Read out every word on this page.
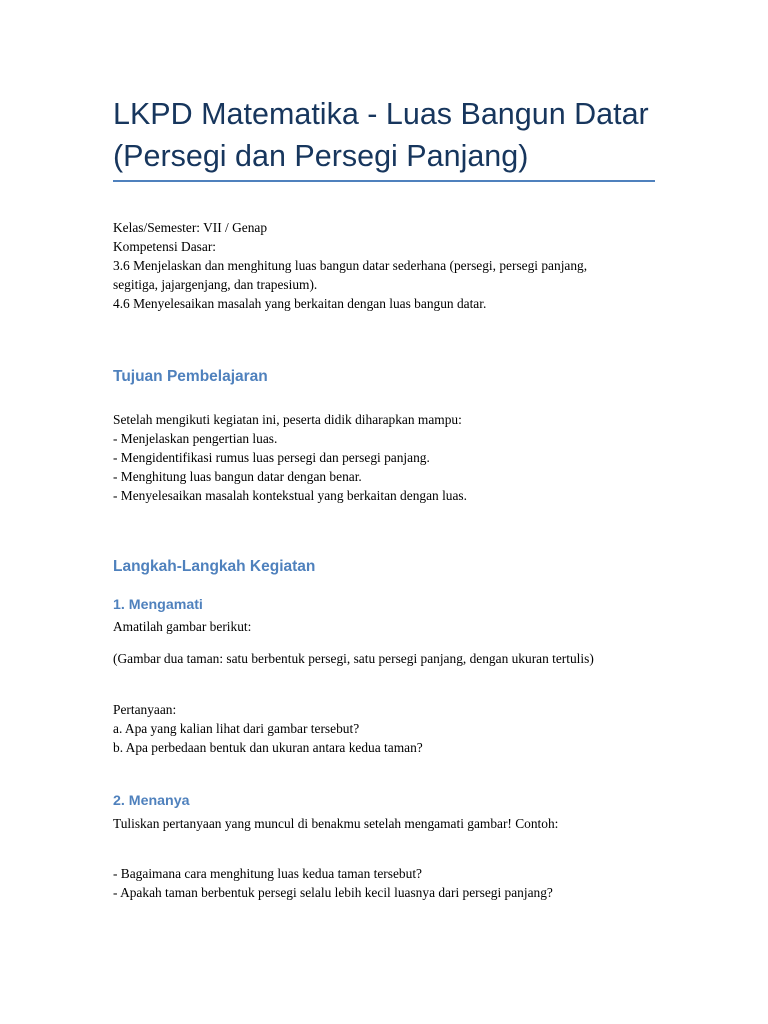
LKPD Matematika - Luas Bangun Datar
(Persegi dan Persegi Panjang)
Kelas/Semester: VII / Genap
Kompetensi Dasar:
3.6 Menjelaskan dan menghitung luas bangun datar sederhana (persegi, persegi panjang,
segitiga, jajargenjang, dan trapesium).
4.6 Menyelesaikan masalah yang berkaitan dengan luas bangun datar.
Tujuan Pembelajaran
Setelah mengikuti kegiatan ini, peserta didik diharapkan mampu:
- Menjelaskan pengertian luas.
- Mengidentifikasi rumus luas persegi dan persegi panjang.
- Menghitung luas bangun datar dengan benar.
- Menyelesaikan masalah kontekstual yang berkaitan dengan luas.
Langkah-Langkah Kegiatan
1. Mengamati
Amatilah gambar berikut:
(Gambar dua taman: satu berbentuk persegi, satu persegi panjang, dengan ukuran tertulis)
Pertanyaan:
a. Apa yang kalian lihat dari gambar tersebut?
b. Apa perbedaan bentuk dan ukuran antara kedua taman?
2. Menanya
Tuliskan pertanyaan yang muncul di benakmu setelah mengamati gambar! Contoh:
- Bagaimana cara menghitung luas kedua taman tersebut?
- Apakah taman berbentuk persegi selalu lebih kecil luasnya dari persegi panjang?
